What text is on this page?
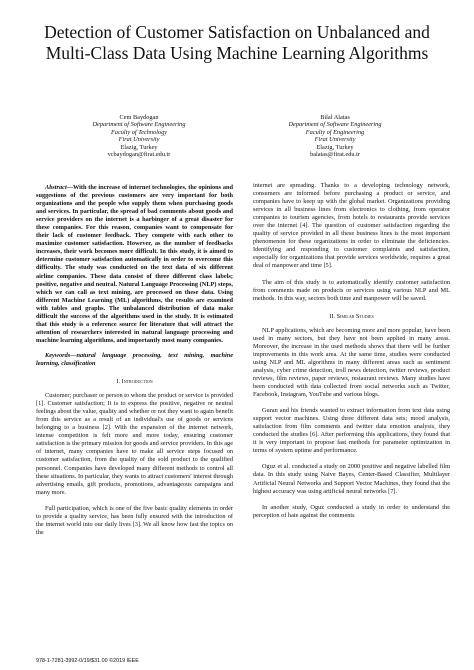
Detection of Customer Satisfaction on Unbalanced and Multi-Class Data Using Machine Learning Algorithms
Cem Baydogan
Department of Software Engineering
Faculty of Technology
Firat University
Elazig, Turkey
vcbaydogan@firat.edu.tr
Bilal Alatas
Department of Software Engineering
Faculty of Engineering
Firat University
Elazig, Turkey
balatas@firat.edu.tr

Abstract—With the increase of internet technologies, the opinions and suggestions of the previous customers are very important for both organizations and the people who supply them when purchasing goods and services. In particular, the spread of bad comments about goods and service providers on the internet is a harbinger of a great disaster for these companies. For this reason, companies want to compensate for their lack of customer feedback. They compete with each other to maximize customer satisfaction. However, as the number of feedbacks increases, their work becomes more difficult. In this study, it is aimed to determine customer satisfaction automatically in order to overcome this difficulty. The study was conducted on the text data of six different airline companies. These data consist of three different class labels; positive, negative and neutral. Natural Language Processing (NLP) steps, which we can call as text mining, are processed on these data. Using different Machine Learning (ML) algorithms, the results are examined with tables and graphs. The unbalanced distribution of data make difficult the success of the algorithms used in the study. It is estimated that this study is a reference source for literature that will attract the attention of researchers interested in natural language processing and machine learning algorithms, and importantly most many companies.

Keywords—natural language processing, text mining, machine learning, classification

I. Introduction

Customer; purchaser or person to whom the product or service is provided [1]. Customer satisfaction; It is to express the positive, negative or neutral feelings about the value, quality and whether or not they want to again benefit from this service as a result of an individual's use of goods or services belonging to a business [2]. With the expansion of the internet network, intense competition is felt more and more today, ensuring customer satisfaction is the primary mission for goods and service providers. In this age of internet, many companies have to make all service steps focused on customer satisfaction, from the quality of the sold product to the qualified personnel. Companies have developed many different methods to control all these situations. In particular, they wants to attract customers' interest through advertising emails, gift products, promotions, advantageous campaigns and many more.

Full participation, which is one of the five basic quality elements in order to provide a quality service, has been fully ensured with the introduction of the internet world into our daily lives [3]. We all know how fast the topics on the

internet are spreading. Thanks to a developing technology network, consumers are informed before purchasing a product or service, and companies have to keep up with the global market. Organizations providing services in all business lines from electronics to clothing, from operator companies to tourism agencies, from hotels to restaurants provide services over the internet [4]. The question of customer satisfaction regarding the quality of service provided in all these business lines is the most important phenomenon for these organizations in order to eliminate the deficiencies. Identifying and responding to customer complaints and satisfaction, especially for organizations that provide services worldwide, requires a great deal of manpower and time [5].

The aim of this study is to automatically identify customer satisfaction from comments made on products or services using various NLP and ML methods. In this way, sectors both time and manpower will be saved.

II. Similar Studies

NLP applications, which are becoming more and more popular, have been used in many sectors, but they have not been applied in many areas. Moreover, the increase in the used methods shows that there will be further improvements in this work area. At the same time, studies were conducted using NLP and ML algorithms in many different areas such as sentiment analysis, cyber crime detection, troll news detection, twitter reviews, product reviews, film reviews, paper reviews, restaurant reviews. Many studies have been conducted with data collected from social networks such as Twitter, Facebook, Instagram, YouTube and various blogs.

Guran and his friends wanted to extract information from text data using support vector machines. Using three different data sets; mood analysis, satisfaction from film comments and twitter data emotion analysis, they conducted the studies [6]. After performing this applications, they found that it is very important to propose fast methods for parameter optimization in terms of system uptime and performance.

Oguz et al. conducted a study on 2000 positive and negative labelled film data. In this study using Naive Bayes, Center-Based Classifier, Multilayer Artificial Neural Networks and Support Vector Machines, they found that the highest accuracy was using artificial neural networks [7].

In another study, Oguz conducted a study in order to understand the perception of hate against the comments

978-1-7281-3992-0/19/$31.00 ©2019 IEEE
